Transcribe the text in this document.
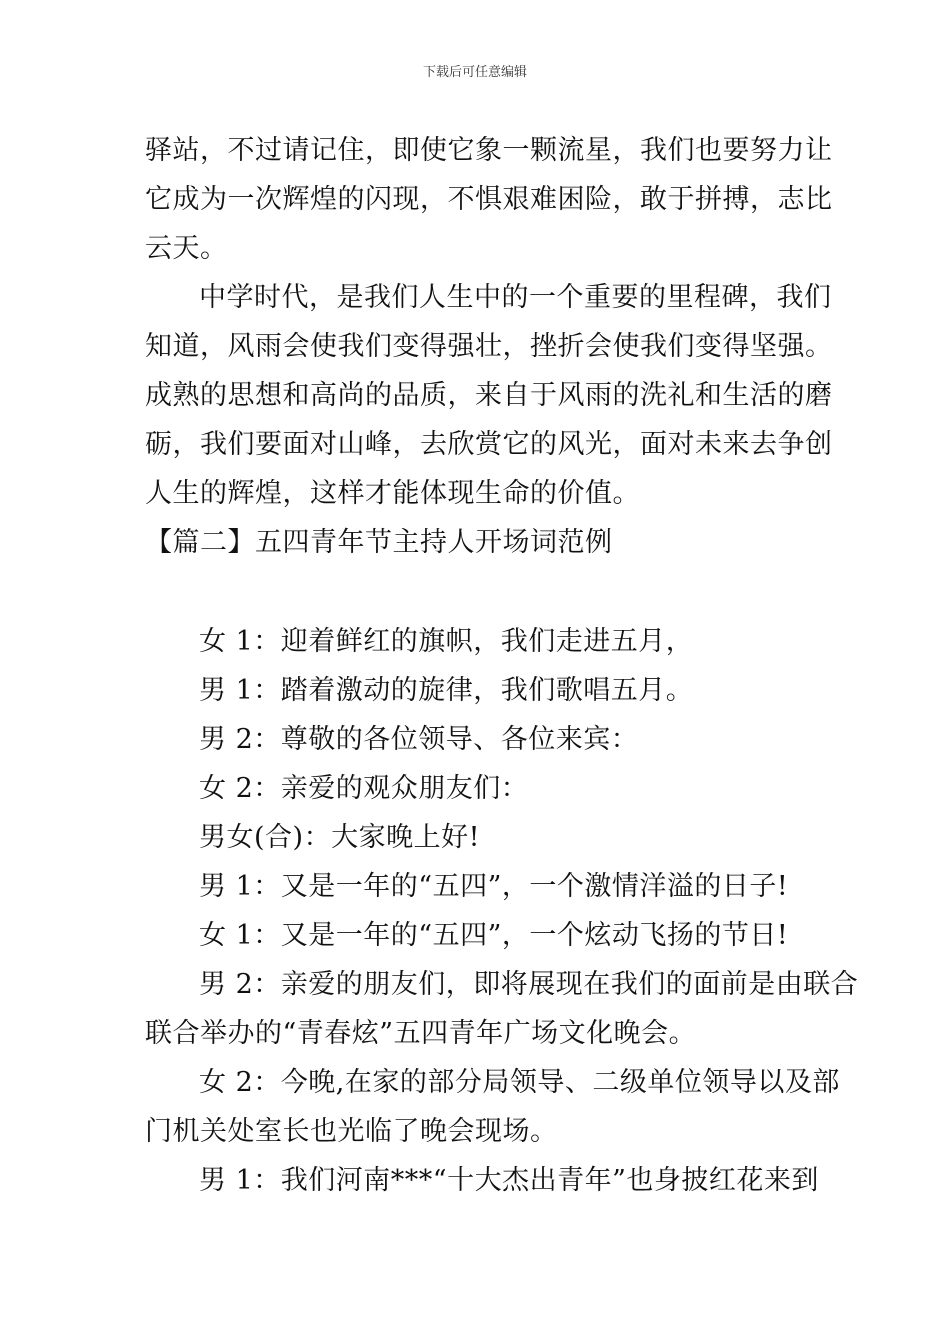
下载后可任意编辑
驿站，不过请记住，即使它象一颗流星，我们也要努力让
它成为一次辉煌的闪现，不惧艰难困险，敢于拼搏，志比
云天。
中学时代，是我们人生中的一个重要的里程碑，我们
知道，风雨会使我们变得强壮，挫折会使我们变得坚强。
成熟的思想和高尚的品质，来自于风雨的洗礼和生活的磨
砺，我们要面对山峰，去欣赏它的风光，面对未来去争创
人生的辉煌，这样才能体现生命的价值。
【篇二】五四青年节主持人开场词范例
女 1：迎着鲜红的旗帜，我们走进五月，
男 1：踏着激动的旋律，我们歌唱五月。
男 2：尊敬的各位领导、各位来宾：
女 2：亲爱的观众朋友们：
男女(合)：大家晚上好!
男 1：又是一年的“五四”，一个激情洋溢的日子!
女 1：又是一年的“五四”，一个炫动飞扬的节日!
男 2：亲爱的朋友们，即将展现在我们的面前是由联合
联合举办的“青春炫”五四青年广场文化晚会。
女 2：今晚,在家的部分局领导、二级单位领导以及部
门机关处室长也光临了晚会现场。
男 1：我们河南***“十大杰出青年”也身披红花来到
